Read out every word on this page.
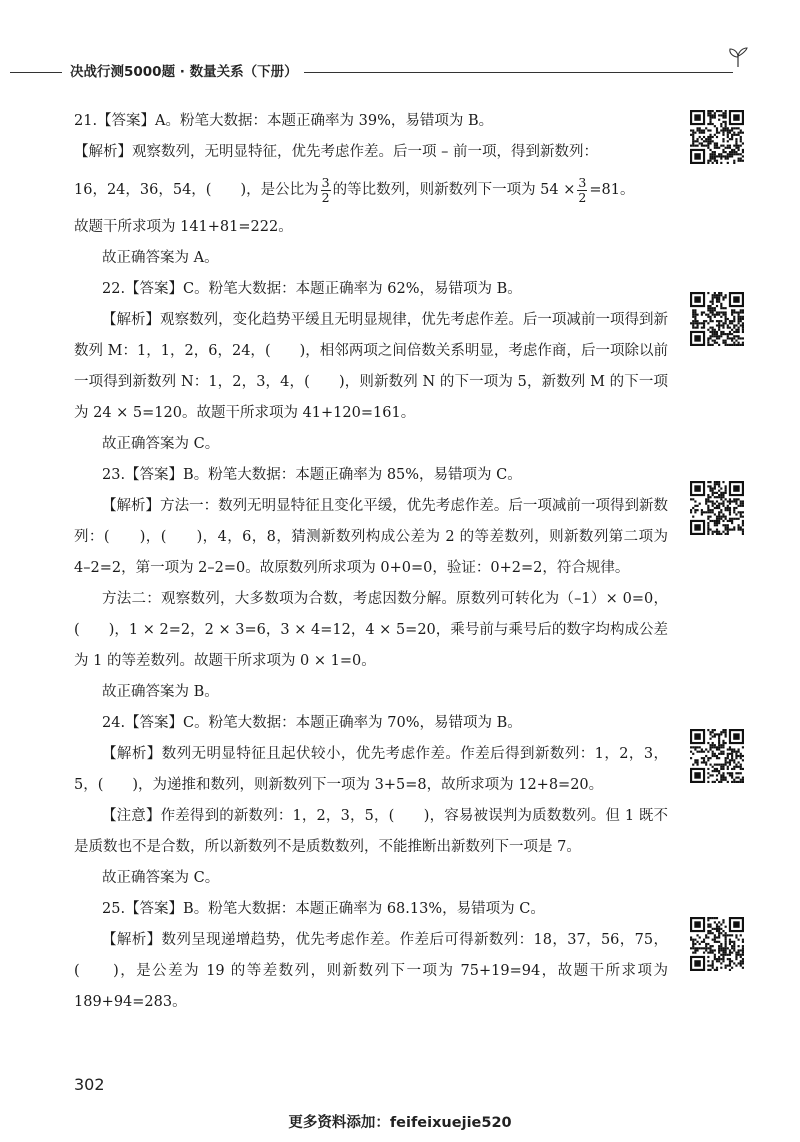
决战行测5000题 · 数量关系（下册）

21.【答案】A。粉笔大数据：本题正确率为 39%，易错项为 B。

【解析】观察数列，无明显特征，优先考虑作差。后一项 – 前一项，得到新数列：

16，24，36，54，(　　)，是公比为 $\frac{3}{2}$ 的等比数列，则新数列下一项为 $54 \times \frac{3}{2} =81$。

故题干所求项为 141+81=222。

故正确答案为 A。

22.【答案】C。粉笔大数据：本题正确率为 62%，易错项为 B。

【解析】观察数列，变化趋势平缓且无明显规律，优先考虑作差。后一项减前一项得到新数列 M：1，1，2，6，24，(　　)，相邻两项之间倍数关系明显，考虑作商，后一项除以前一项得到新数列 N：1，2，3，4，(　　)，则新数列 N 的下一项为 5，新数列 M 的下一项为 24 × 5=120。故题干所求项为 41+120=161。

故正确答案为 C。

23.【答案】B。粉笔大数据：本题正确率为 85%，易错项为 C。

【解析】方法一：数列无明显特征且变化平缓，优先考虑作差。后一项减前一项得到新数列：(　　)，(　　)，4，6，8，猜测新数列构成公差为 2 的等差数列，则新数列第二项为 4–2=2，第一项为 2–2=0。故原数列所求项为 0+0=0，验证：0+2=2，符合规律。

方法二：观察数列，大多数项为合数，考虑因数分解。原数列可转化为（–1）× 0=0，(　　)，1 × 2=2，2 × 3=6，3 × 4=12，4 × 5=20，乘号前与乘号后的数字均构成公差为 1 的等差数列。故题干所求项为 0 × 1=0。

故正确答案为 B。

24.【答案】C。粉笔大数据：本题正确率为 70%，易错项为 B。

【解析】数列无明显特征且起伏较小，优先考虑作差。作差后得到新数列：1，2，3，5，(　　)，为递推和数列，则新数列下一项为 3+5=8，故所求项为 12+8=20。

【注意】作差得到的新数列：1，2，3，5，(　　)，容易被误判为质数数列。但 1 既不是质数也不是合数，所以新数列不是质数数列，不能推断出新数列下一项是 7。

故正确答案为 C。

25.【答案】B。粉笔大数据：本题正确率为 68.13%，易错项为 C。

【解析】数列呈现递增趋势，优先考虑作差。作差后可得新数列：18，37，56，75，(　　)，是公差为 19 的等差数列，则新数列下一项为 75+19=94，故题干所求项为 189+94=283。

302
更多资料添加：feifeixuejie520
